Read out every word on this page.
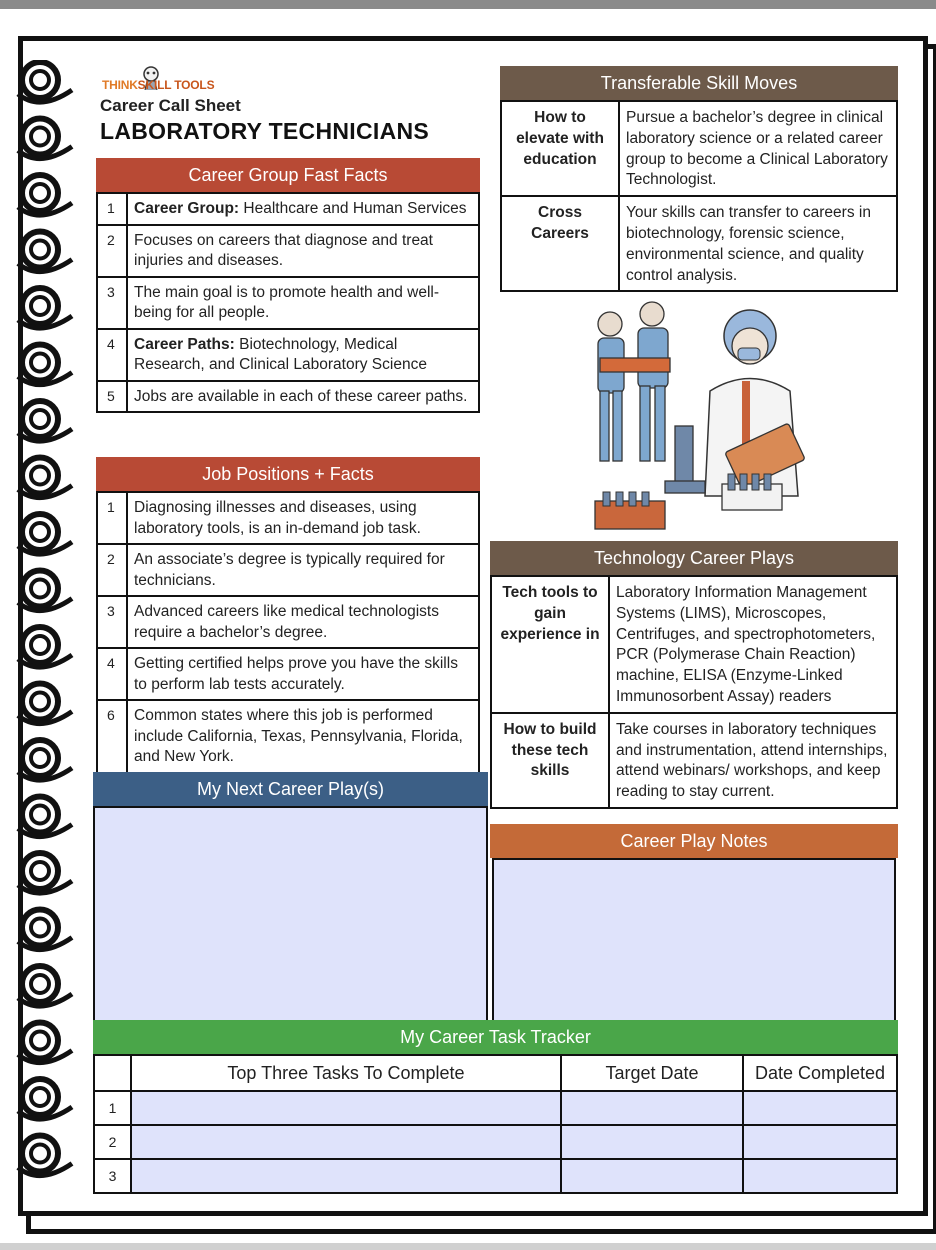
THINKSKILL TOOLS
Career Call Sheet
LABORATORY TECHNICIANS
Career Group Fast Facts
1	Career Group: Healthcare and Human Services
2	Focuses on careers that diagnose and treat injuries and diseases.
3	The main goal is to promote health and well-being for all people.
4	Career Paths: Biotechnology, Medical Research, and Clinical Laboratory Science
5	Jobs are available in each of these career paths.
Job Positions + Facts
1	Diagnosing illnesses and diseases, using laboratory tools, is an in-demand job task.
2	An associate’s degree is typically required for technicians.
3	Advanced careers like medical technologists require a bachelor’s degree.
4	Getting certified helps prove you have the skills to perform lab tests accurately.
6	Common states where this job is performed include California, Texas, Pennsylvania, Florida, and New York.
My Next Career Play(s)
Transferable Skill Moves
How to elevate with education	Pursue a bachelor’s degree in clinical laboratory science or a related career group to become a Clinical Laboratory Technologist.
Cross Careers	Your skills can transfer to careers in biotechnology, forensic science, environmental science, and quality control analysis.
Technology Career Plays
Tech tools to gain experience in	Laboratory Information Management Systems (LIMS), Microscopes, Centrifuges, and spectrophotometers, PCR (Polymerase Chain Reaction) machine, ELISA (Enzyme-Linked Immunosorbent Assay) readers
How to build these tech skills	Take courses in laboratory techniques and instrumentation, attend internships, attend webinars/ workshops, and keep reading to stay current.
Career Play Notes
My Career Task Tracker
	Top Three Tasks To Complete	Target Date	Date Completed
1			
2			
3			
